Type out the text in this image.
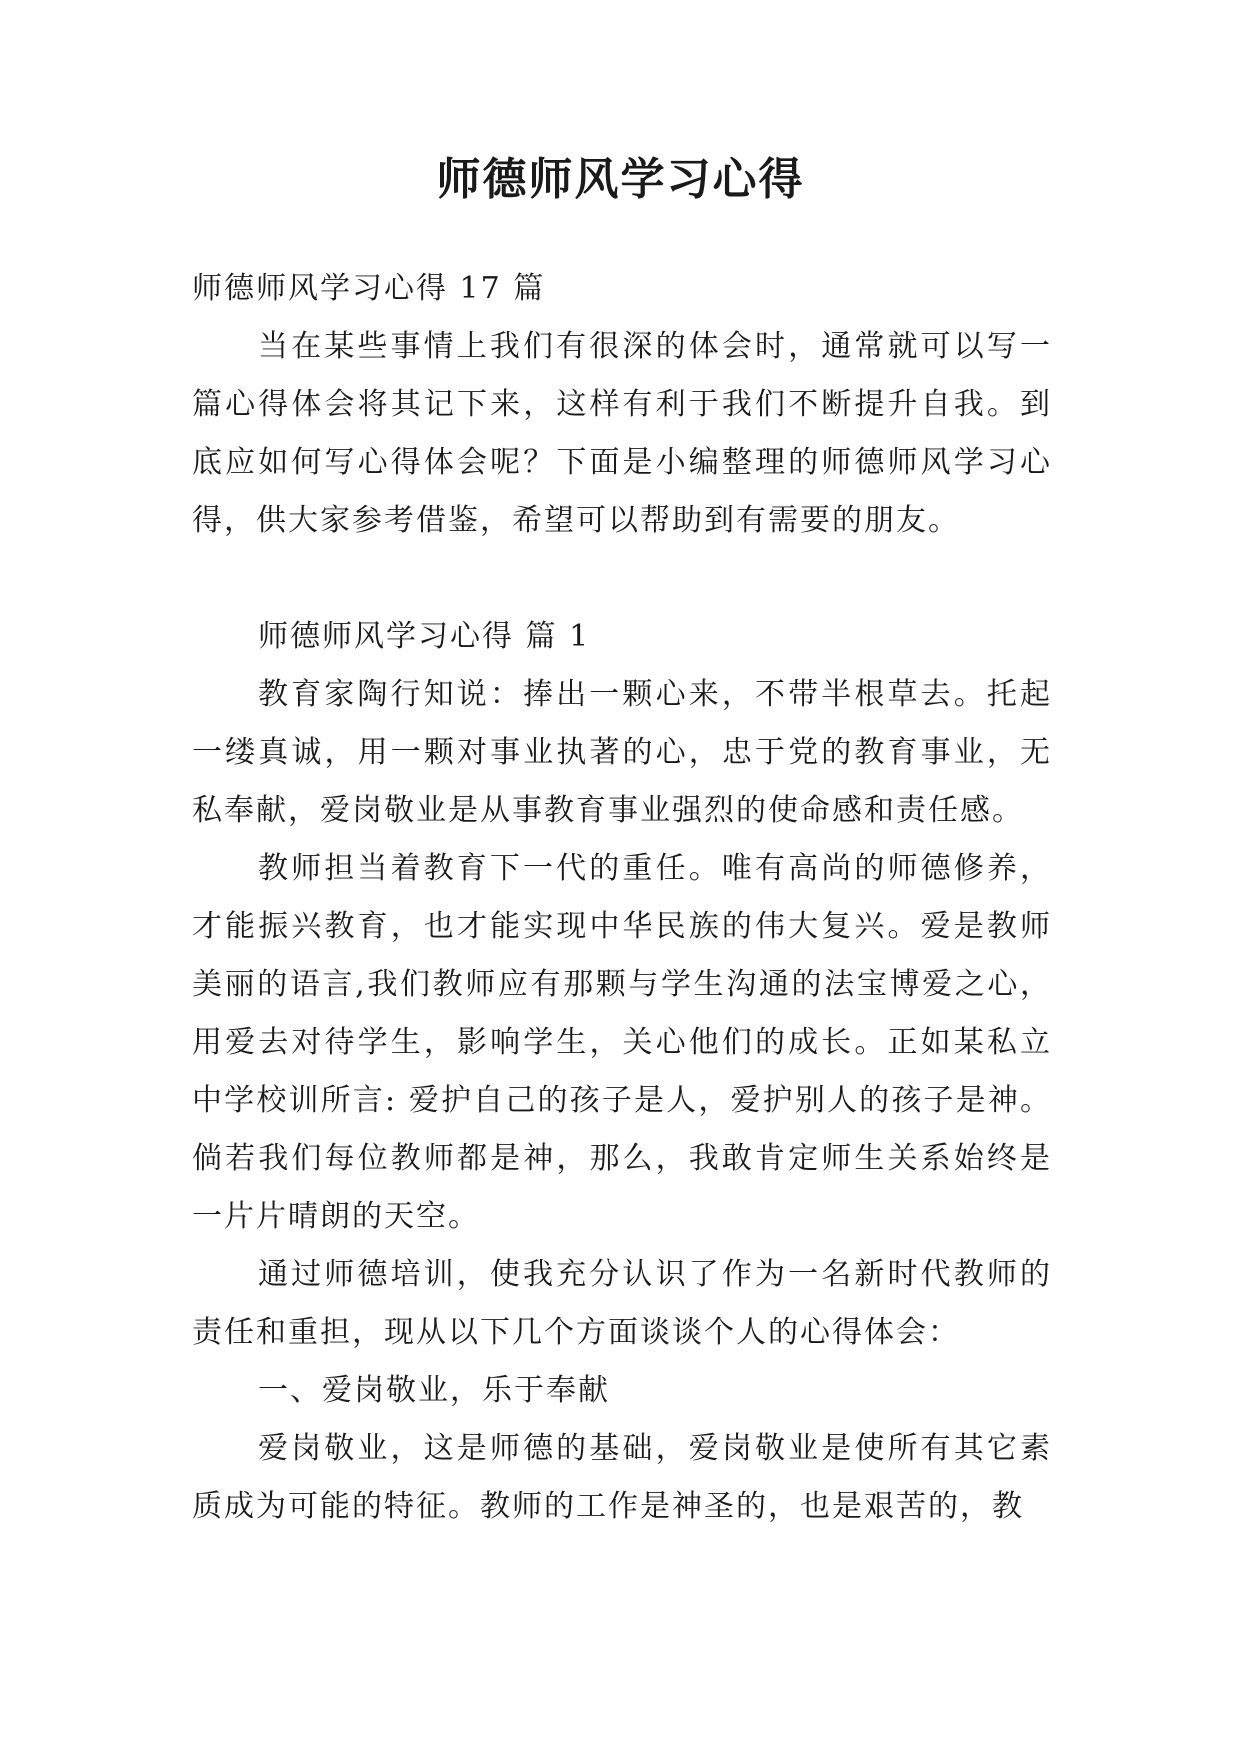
师德师风学习心得

师德师风学习心得 17 篇

当在某些事情上我们有很深的体会时，通常就可以写一篇心得体会将其记下来，这样有利于我们不断提升自我。到底应如何写心得体会呢？下面是小编整理的师德师风学习心得，供大家参考借鉴，希望可以帮助到有需要的朋友。

师德师风学习心得 篇 1

教育家陶行知说：捧出一颗心来，不带半根草去。托起一缕真诚，用一颗对事业执著的心，忠于党的教育事业，无私奉献，爱岗敬业是从事教育事业强烈的使命感和责任感。

教师担当着教育下一代的重任。唯有高尚的师德修养，才能振兴教育，也才能实现中华民族的伟大复兴。爱是教师美丽的语言,我们教师应有那颗与学生沟通的法宝博爱之心，用爱去对待学生，影响学生，关心他们的成长。正如某私立中学校训所言: 爱护自己的孩子是人，爱护别人的孩子是神。倘若我们每位教师都是神，那么，我敢肯定师生关系始终是一片片晴朗的天空。

通过师德培训，使我充分认识了作为一名新时代教师的责任和重担，现从以下几个方面谈谈个人的心得体会：

一、爱岗敬业，乐于奉献

爱岗敬业，这是师德的基础，爱岗敬业是使所有其它素质成为可能的特征。教师的工作是神圣的，也是艰苦的，教
